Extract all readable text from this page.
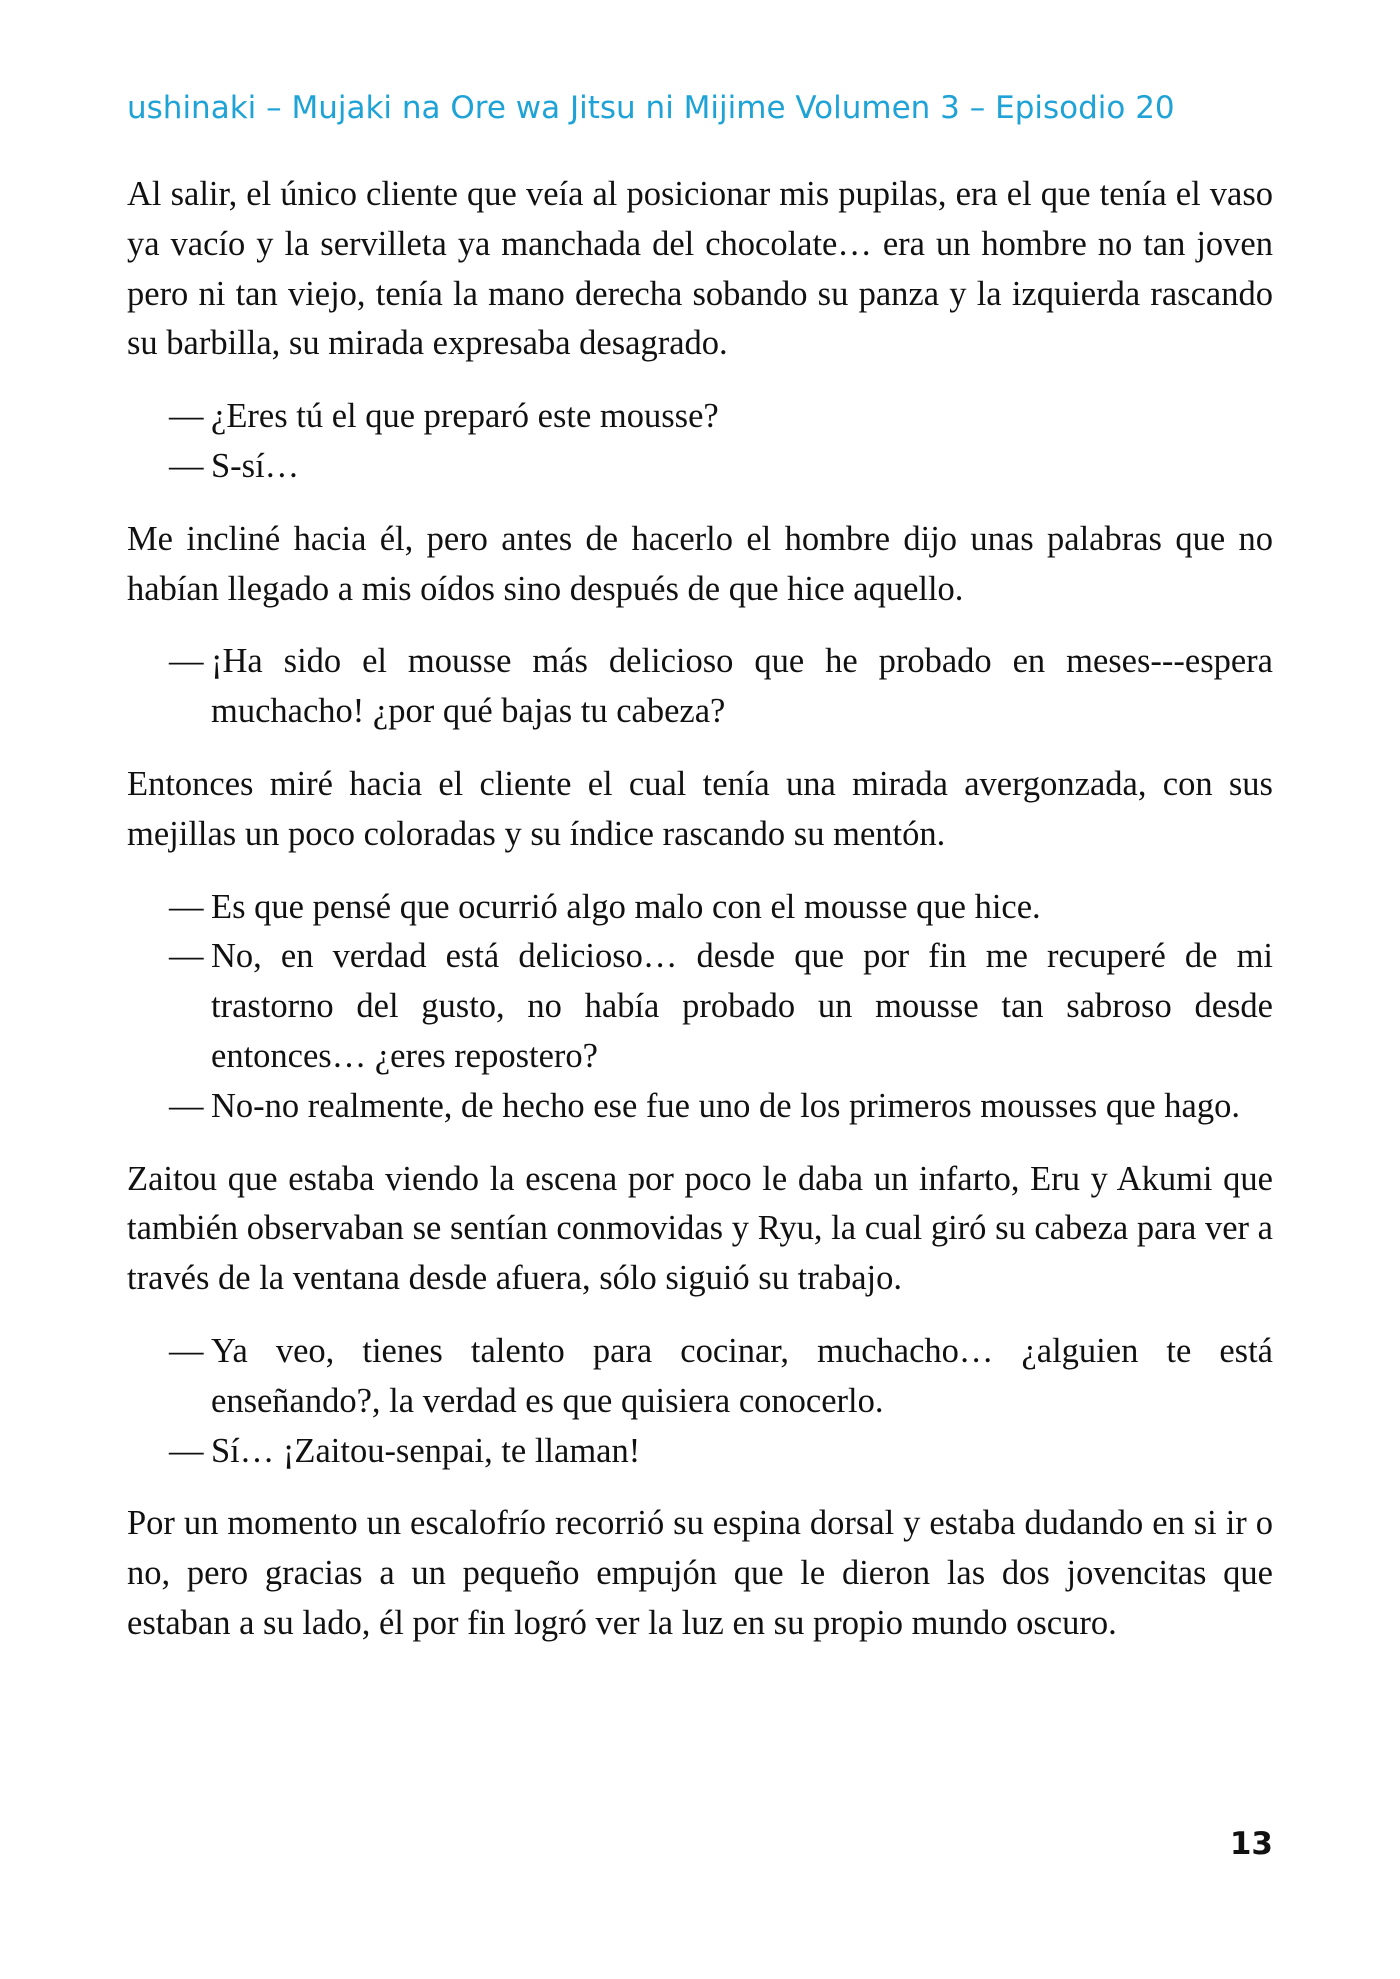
ushinaki – Mujaki na Ore wa Jitsu ni Mijime Volumen 3 – Episodio 20

Al salir, el único cliente que veía al posicionar mis pupilas, era el que tenía el vaso ya vacío y la servilleta ya manchada del chocolate… era un hombre no tan joven pero ni tan viejo, tenía la mano derecha sobando su panza y la izquierda rascando su barbilla, su mirada expresaba desagrado.

— ¿Eres tú el que preparó este mousse?
— S-sí…

Me incliné hacia él, pero antes de hacerlo el hombre dijo unas palabras que no habían llegado a mis oídos sino después de que hice aquello.

— ¡Ha sido el mousse más delicioso que he probado en meses---espera muchacho! ¿por qué bajas tu cabeza?

Entonces miré hacia el cliente el cual tenía una mirada avergonzada, con sus mejillas un poco coloradas y su índice rascando su mentón.

— Es que pensé que ocurrió algo malo con el mousse que hice.
— No, en verdad está delicioso… desde que por fin me recuperé de mi trastorno del gusto, no había probado un mousse tan sabroso desde entonces… ¿eres repostero?
— No-no realmente, de hecho ese fue uno de los primeros mousses que hago.

Zaitou que estaba viendo la escena por poco le daba un infarto, Eru y Akumi que también observaban se sentían conmovidas y Ryu, la cual giró su cabeza para ver a través de la ventana desde afuera, sólo siguió su trabajo.

— Ya veo, tienes talento para cocinar, muchacho… ¿alguien te está enseñando?, la verdad es que quisiera conocerlo.
— Sí… ¡Zaitou-senpai, te llaman!

Por un momento un escalofrío recorrió su espina dorsal y estaba dudando en si ir o no, pero gracias a un pequeño empujón que le dieron las dos jovencitas que estaban a su lado, él por fin logró ver la luz en su propio mundo oscuro.

13
